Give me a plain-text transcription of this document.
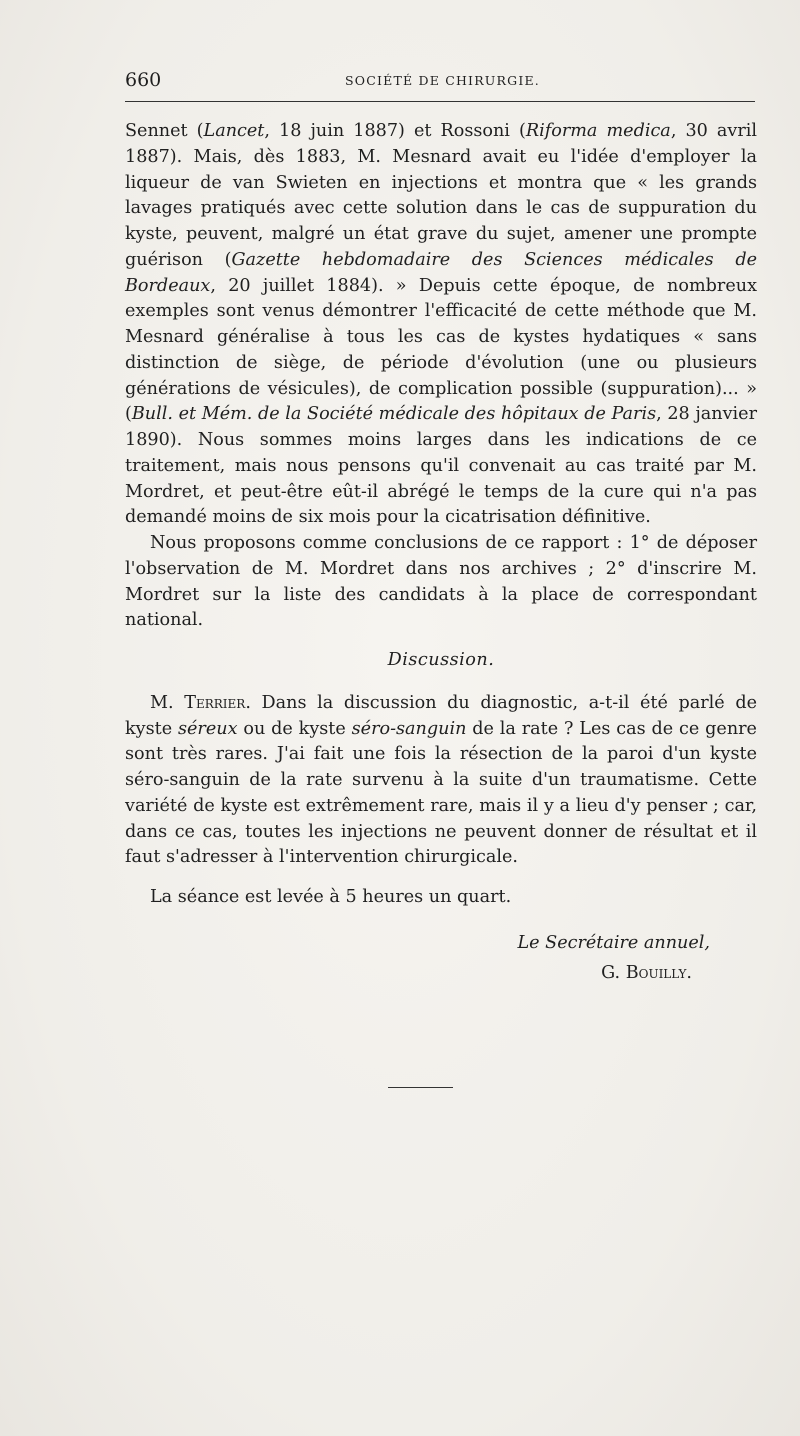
660	SOCIÉTÉ DE CHIRURGIE.

Sennet (Lancet, 18 juin 1887) et Rossoni (Riforma medica, 30 avril 1887). Mais, dès 1883, M. Mesnard avait eu l'idée d'employer la liqueur de van Swieten en injections et montra que « les grands lavages pratiqués avec cette solution dans le cas de suppuration du kyste, peuvent, malgré un état grave du sujet, amener une prompte guérison (Gazette hebdomadaire des Sciences médicales de Bordeaux, 20 juillet 1884). » Depuis cette époque, de nombreux exemples sont venus démontrer l'efficacité de cette méthode que M. Mesnard généralise à tous les cas de kystes hydatiques « sans distinction de siège, de période d'évolution (une ou plusieurs générations de vésicules), de complication possible (suppuration)... » (Bull. et Mém. de la Société médicale des hôpitaux de Paris, 28 janvier 1890). Nous sommes moins larges dans les indications de ce traitement, mais nous pensons qu'il convenait au cas traité par M. Mordret, et peut-être eût-il abrégé le temps de la cure qui n'a pas demandé moins de six mois pour la cicatrisation définitive.

Nous proposons comme conclusions de ce rapport : 1° de déposer l'observation de M. Mordret dans nos archives ; 2° d'inscrire M. Mordret sur la liste des candidats à la place de correspondant national.

Discussion.

M. Terrier. Dans la discussion du diagnostic, a-t-il été parlé de kyste séreux ou de kyste séro-sanguin de la rate ? Les cas de ce genre sont très rares. J'ai fait une fois la résection de la paroi d'un kyste séro-sanguin de la rate survenu à la suite d'un traumatisme. Cette variété de kyste est extrêmement rare, mais il y a lieu d'y penser ; car, dans ce cas, toutes les injections ne peuvent donner de résultat et il faut s'adresser à l'intervention chirurgicale.

La séance est levée à 5 heures un quart.

Le Secrétaire annuel,

G. Bouilly.
